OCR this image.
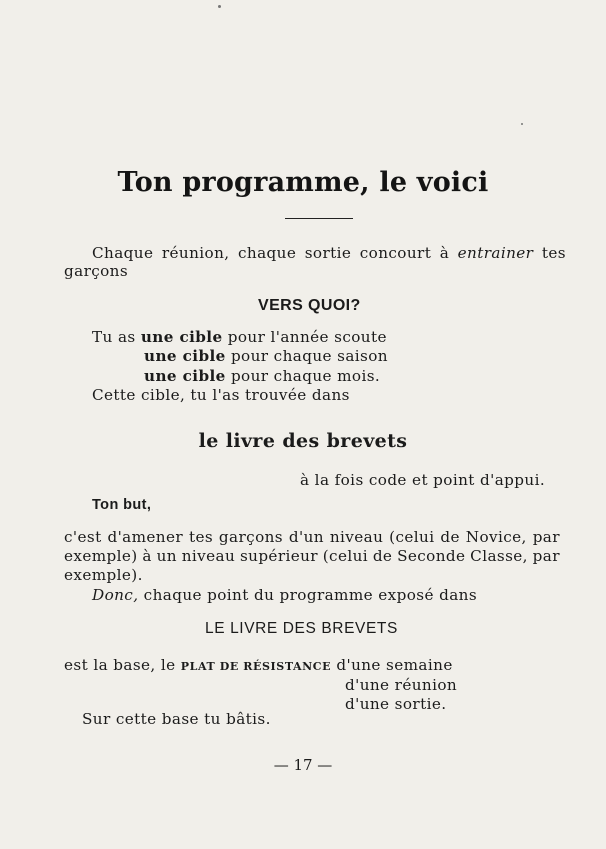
Ton programme, le voici
Chaque réunion, chaque sortie concourt à entrainer tes
garçons
VERS QUOI?
Tu as une cible pour l'année scoute
une cible pour chaque saison
une cible pour chaque mois.
Cette cible, tu l'as trouvée dans
le livre des brevets
à la fois code et point d'appui.
Ton but,
c'est d'amener tes garçons d'un niveau (celui de Novice, par
exemple) à un niveau supérieur (celui de Seconde Classe, par
exemple).
Donc, chaque point du programme exposé dans
LE LIVRE DES BREVETS
est la base, le PLAT DE RÉSISTANCE d'une semaine
d'une réunion
d'une sortie.
Sur cette base tu bâtis.
— 17 —
